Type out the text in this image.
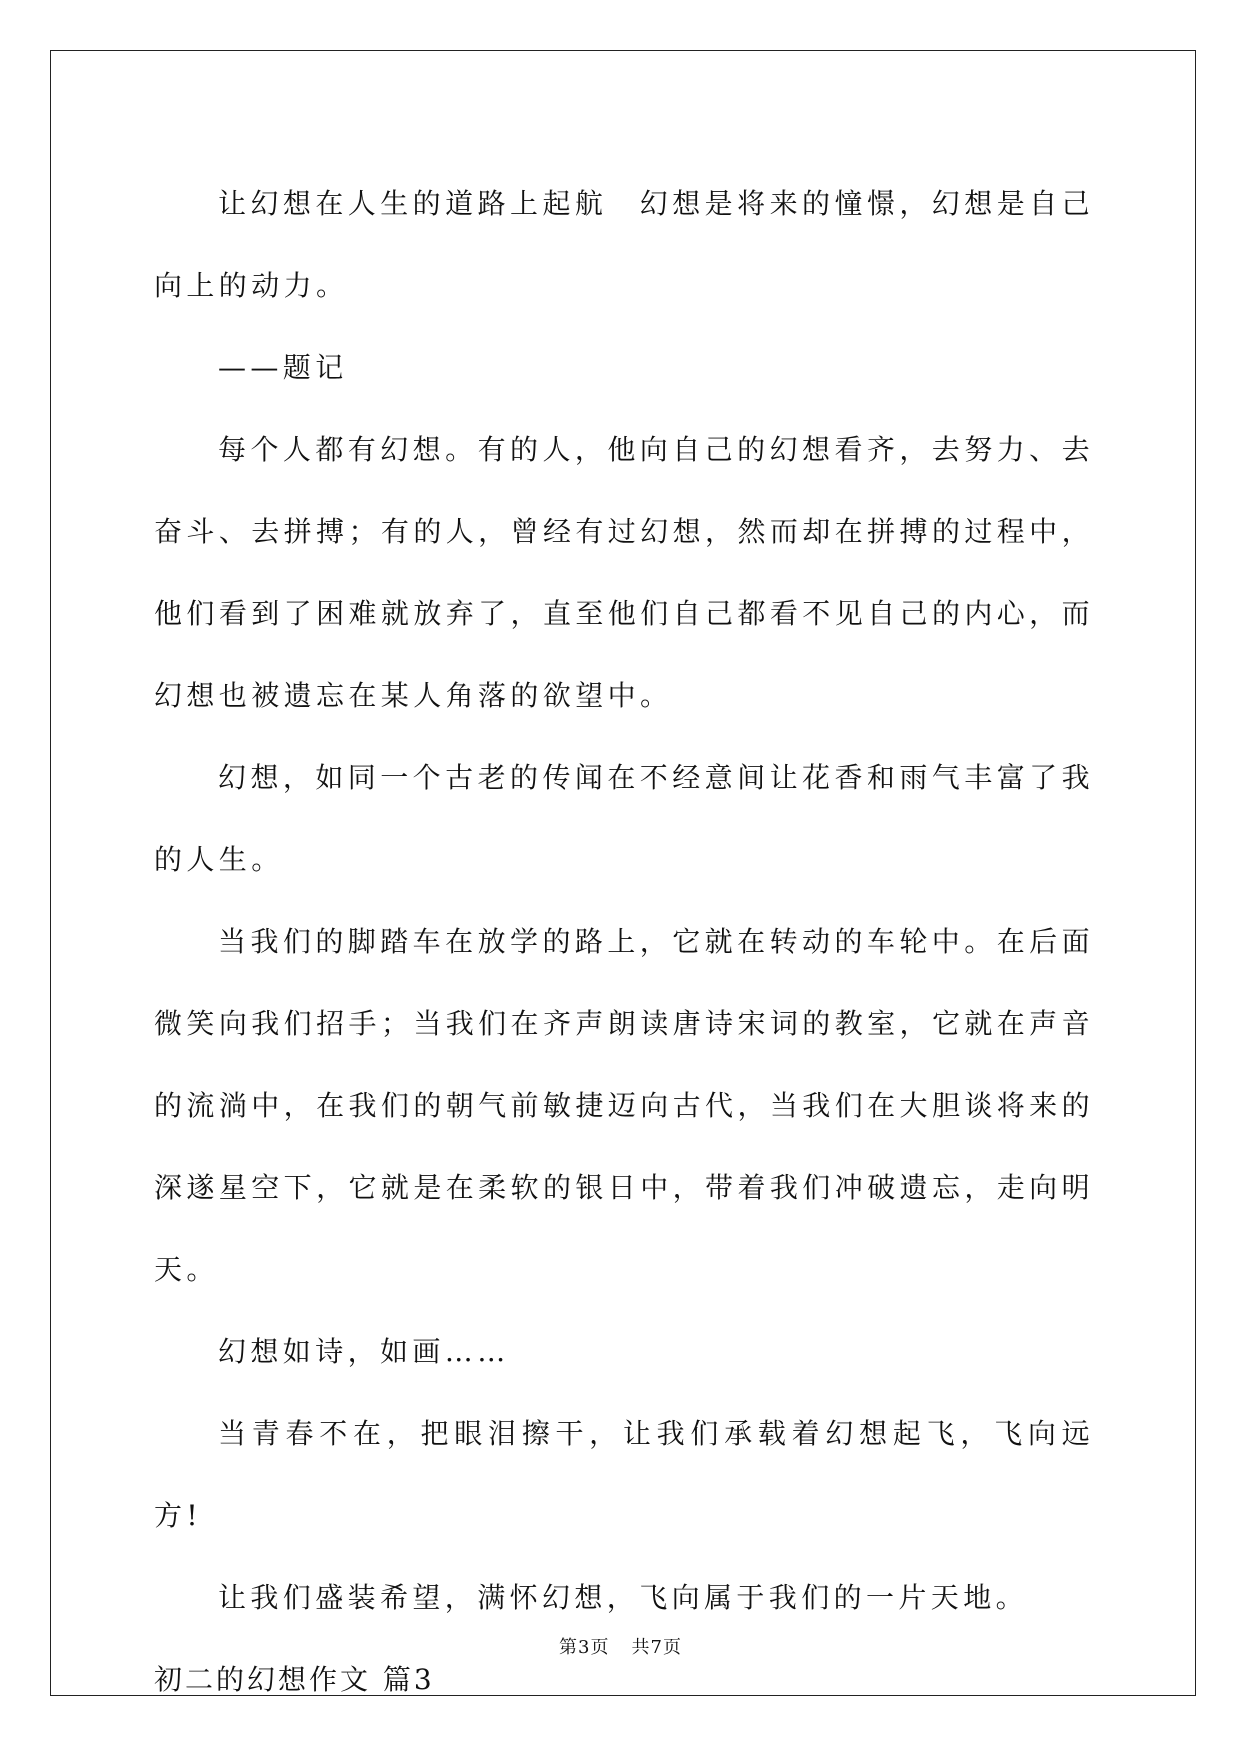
让幻想在人生的道路上起航　幻想是将来的憧憬，幻想是自己向上的动力。

——题记

每个人都有幻想。有的人，他向自己的幻想看齐，去努力、去奋斗、去拼搏；有的人，曾经有过幻想，然而却在拼搏的过程中，他们看到了困难就放弃了，直至他们自己都看不见自己的内心，而幻想也被遗忘在某人角落的欲望中。

幻想，如同一个古老的传闻在不经意间让花香和雨气丰富了我的人生。

当我们的脚踏车在放学的路上，它就在转动的车轮中。在后面微笑向我们招手；当我们在齐声朗读唐诗宋词的教室，它就在声音的流淌中，在我们的朝气前敏捷迈向古代，当我们在大胆谈将来的深遂星空下，它就是在柔软的银日中，带着我们冲破遗忘，走向明天。

幻想如诗，如画……

当青春不在，把眼泪擦干，让我们承载着幻想起飞，飞向远方!

让我们盛装希望，满怀幻想，飞向属于我们的一片天地。

初二的幻想作文 篇3

第3页 共7页
